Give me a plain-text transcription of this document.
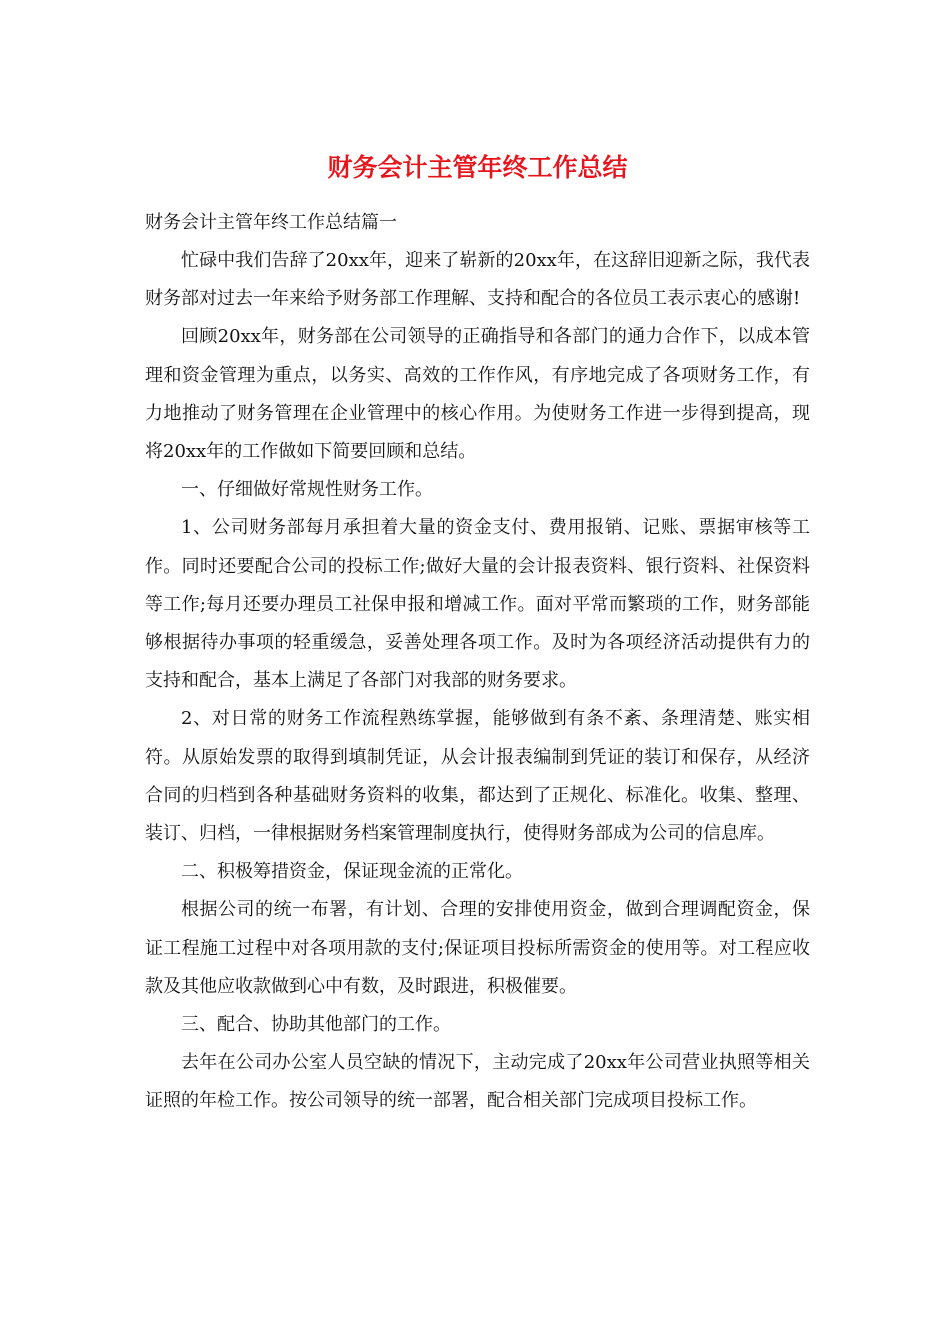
财务会计主管年终工作总结

财务会计主管年终工作总结篇一

忙碌中我们告辞了20xx年，迎来了崭新的20xx年，在这辞旧迎新之际，我代表财务部对过去一年来给予财务部工作理解、支持和配合的各位员工表示衷心的感谢!

回顾20xx年，财务部在公司领导的正确指导和各部门的通力合作下，以成本管理和资金管理为重点，以务实、高效的工作作风，有序地完成了各项财务工作，有力地推动了财务管理在企业管理中的核心作用。为使财务工作进一步得到提高，现将20xx年的工作做如下简要回顾和总结。

一、仔细做好常规性财务工作。

1、公司财务部每月承担着大量的资金支付、费用报销、记账、票据审核等工作。同时还要配合公司的投标工作;做好大量的会计报表资料、银行资料、社保资料等工作;每月还要办理员工社保申报和增减工作。面对平常而繁琐的工作，财务部能够根据待办事项的轻重缓急，妥善处理各项工作。及时为各项经济活动提供有力的支持和配合，基本上满足了各部门对我部的财务要求。

2、对日常的财务工作流程熟练掌握，能够做到有条不紊、条理清楚、账实相符。从原始发票的取得到填制凭证，从会计报表编制到凭证的装订和保存，从经济合同的归档到各种基础财务资料的收集，都达到了正规化、标准化。收集、整理、装订、归档，一律根据财务档案管理制度执行，使得财务部成为公司的信息库。

二、积极筹措资金，保证现金流的正常化。

根据公司的统一布署，有计划、合理的安排使用资金，做到合理调配资金，保证工程施工过程中对各项用款的支付;保证项目投标所需资金的使用等。对工程应收款及其他应收款做到心中有数，及时跟进，积极催要。

三、配合、协助其他部门的工作。

去年在公司办公室人员空缺的情况下，主动完成了20xx年公司营业执照等相关证照的年检工作。按公司领导的统一部署，配合相关部门完成项目投标工作。
